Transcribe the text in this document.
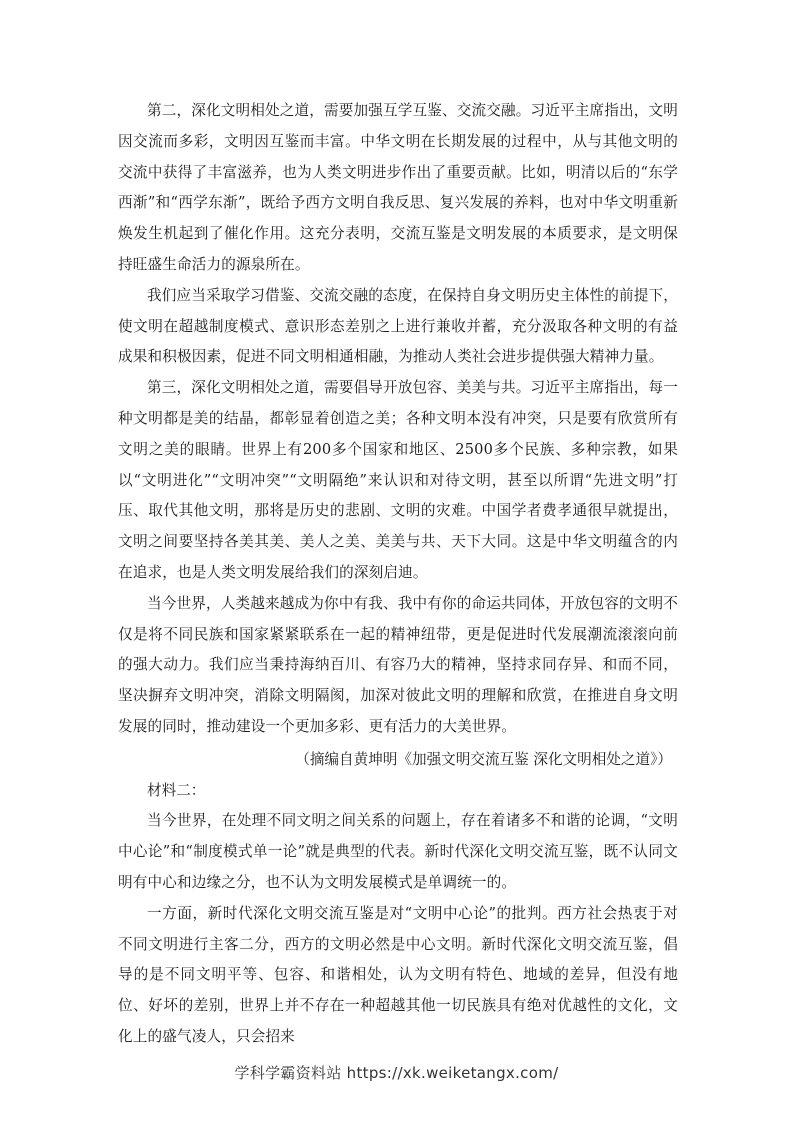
第二，深化文明相处之道，需要加强互学互鉴、交流交融。习近平主席指出，文明因交流而多彩，文明因互鉴而丰富。中华文明在长期发展的过程中，从与其他文明的交流中获得了丰富滋养，也为人类文明进步作出了重要贡献。比如，明清以后的“东学西渐”和“西学东渐”，既给予西方文明自我反思、复兴发展的养料，也对中华文明重新焕发生机起到了催化作用。这充分表明，交流互鉴是文明发展的本质要求，是文明保持旺盛生命活力的源泉所在。

我们应当采取学习借鉴、交流交融的态度，在保持自身文明历史主体性的前提下，使文明在超越制度模式、意识形态差别之上进行兼收并蓄，充分汲取各种文明的有益成果和积极因素，促进不同文明相通相融，为推动人类社会进步提供强大精神力量。

第三，深化文明相处之道，需要倡导开放包容、美美与共。习近平主席指出，每一种文明都是美的结晶，都彰显着创造之美；各种文明本没有冲突，只是要有欣赏所有文明之美的眼睛。世界上有200多个国家和地区、2500多个民族、多种宗教，如果以“文明进化”“文明冲突”“文明隔绝”来认识和对待文明，甚至以所谓“先进文明”打压、取代其他文明，那将是历史的悲剧、文明的灾难。中国学者费孝通很早就提出，文明之间要坚持各美其美、美人之美、美美与共、天下大同。这是中华文明蕴含的内在追求，也是人类文明发展给我们的深刻启迪。

当今世界，人类越来越成为你中有我、我中有你的命运共同体，开放包容的文明不仅是将不同民族和国家紧紧联系在一起的精神纽带，更是促进时代发展潮流滚滚向前的强大动力。我们应当秉持海纳百川、有容乃大的精神，坚持求同存异、和而不同，坚决摒弃文明冲突，消除文明隔阂，加深对彼此文明的理解和欣赏，在推进自身文明发展的同时，推动建设一个更加多彩、更有活力的大美世界。

（摘编自黄坤明《加强文明交流互鉴 深化文明相处之道》）

材料二：

当今世界，在处理不同文明之间关系的问题上，存在着诸多不和谐的论调，“文明中心论”和“制度模式单一论”就是典型的代表。新时代深化文明交流互鉴，既不认同文明有中心和边缘之分，也不认为文明发展模式是单调统一的。

一方面，新时代深化文明交流互鉴是对“文明中心论”的批判。西方社会热衷于对不同文明进行主客二分，西方的文明必然是中心文明。新时代深化文明交流互鉴，倡导的是不同文明平等、包容、和谐相处，认为文明有特色、地域的差异，但没有地位、好坏的差别，世界上并不存在一种超越其他一切民族具有绝对优越性的文化，文化上的盛气凌人，只会招来

学科学霸资料站 https://xk.weiketangx.com/
